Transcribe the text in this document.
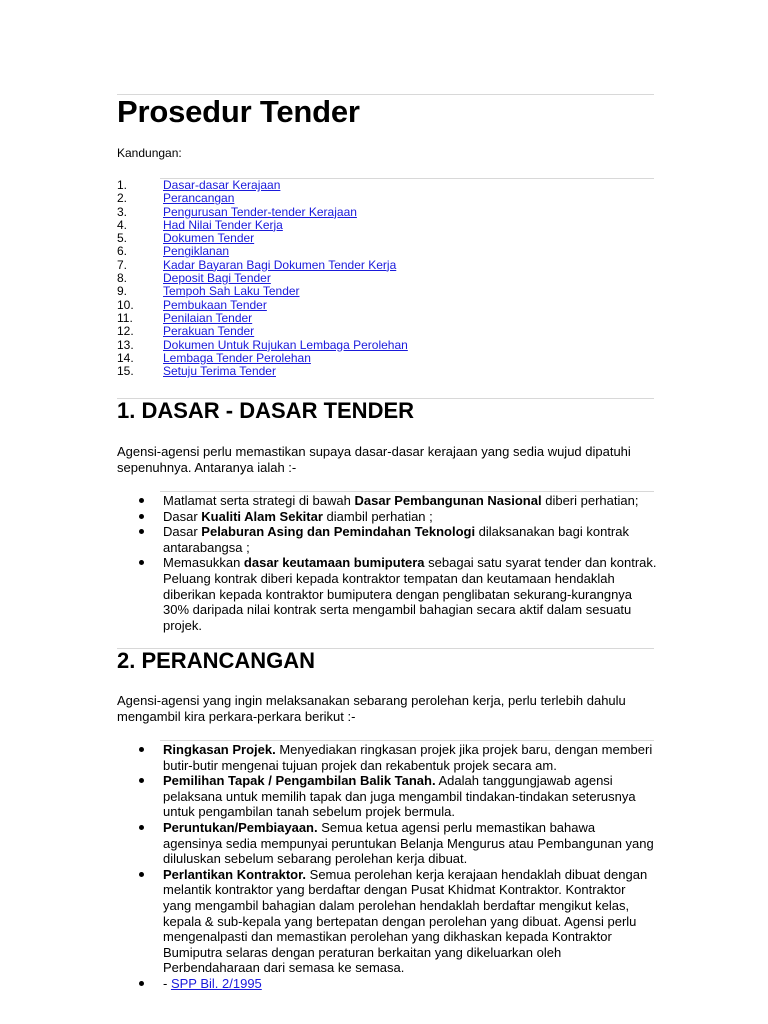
Prosedur Tender
Kandungan:
1.	Dasar-dasar Kerajaan
2.	Perancangan
3.	Pengurusan Tender-tender Kerajaan
4.	Had Nilai Tender Kerja
5.	Dokumen Tender
6.	Pengiklanan
7.	Kadar Bayaran Bagi Dokumen Tender Kerja
8.	Deposit Bagi Tender
9.	Tempoh Sah Laku Tender
10.	Pembukaan Tender
11.	Penilaian Tender
12.	Perakuan Tender
13.	Dokumen Untuk Rujukan Lembaga Perolehan
14.	Lembaga Tender Perolehan
15.	Setuju Terima Tender
1. DASAR - DASAR TENDER

Agensi-agensi perlu memastikan supaya dasar-dasar kerajaan yang sedia wujud dipatuhi sepenuhnya. Antaranya ialah :-

Matlamat serta strategi di bawah Dasar Pembangunan Nasional diberi perhatian;
Dasar Kualiti Alam Sekitar diambil perhatian ;
Dasar Pelaburan Asing dan Pemindahan Teknologi dilaksanakan bagi kontrak antarabangsa ;
Memasukkan dasar keutamaan bumiputera sebagai satu syarat tender dan kontrak. Peluang kontrak diberi kepada kontraktor tempatan dan keutamaan hendaklah diberikan kepada kontraktor bumiputera dengan penglibatan sekurang-kurangnya 30% daripada nilai kontrak serta mengambil bahagian secara aktif dalam sesuatu projek.
2. PERANCANGAN

Agensi-agensi yang ingin melaksanakan sebarang perolehan kerja, perlu terlebih dahulu mengambil kira perkara-perkara berikut :-

Ringkasan Projek. Menyediakan ringkasan projek jika projek baru, dengan memberi butir-butir mengenai tujuan projek dan rekabentuk projek secara am.
Pemilihan Tapak / Pengambilan Balik Tanah. Adalah tanggungjawab agensi pelaksana untuk memilih tapak dan juga mengambil tindakan-tindakan seterusnya untuk pengambilan tanah sebelum projek bermula.
Peruntukan/Pembiayaan. Semua ketua agensi perlu memastikan bahawa agensinya sedia mempunyai peruntukan Belanja Mengurus atau Pembangunan yang diluluskan sebelum sebarang perolehan kerja dibuat.
Perlantikan Kontraktor. Semua perolehan kerja kerajaan hendaklah dibuat dengan melantik kontraktor yang berdaftar dengan Pusat Khidmat Kontraktor. Kontraktor yang mengambil bahagian dalam perolehan hendaklah berdaftar mengikut kelas, kepala & sub-kepala yang bertepatan dengan perolehan yang dibuat. Agensi perlu mengenalpasti dan memastikan perolehan yang dikhaskan kepada Kontraktor Bumiputra selaras dengan peraturan berkaitan yang dikeluarkan oleh Perbendaharaan dari semasa ke semasa.
- SPP Bil. 2/1995
